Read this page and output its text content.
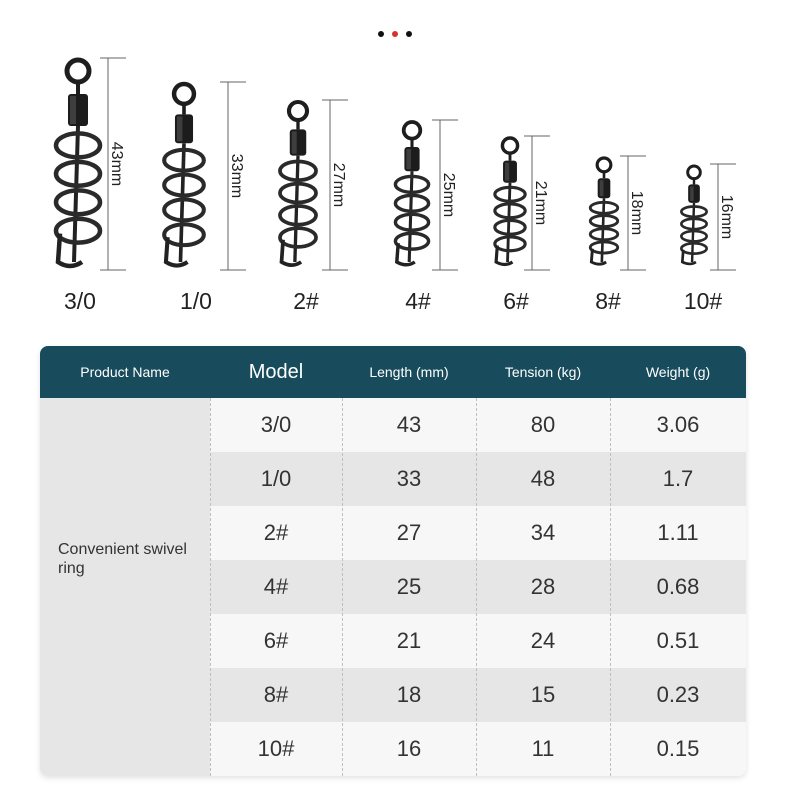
43mm
3/0
33mm
1/0
27mm
2#
25mm
4#
21mm
6#
18mm
8#
16mm
10#
Product Name	Model	Length (mm)	Tension (kg)	Weight (g)
Convenient swivel ring
3/0	43	80	3.06
1/0	33	48	1.7
2#	27	34	1.11
4#	25	28	0.68
6#	21	24	0.51
8#	18	15	0.23
10#	16	11	0.15
